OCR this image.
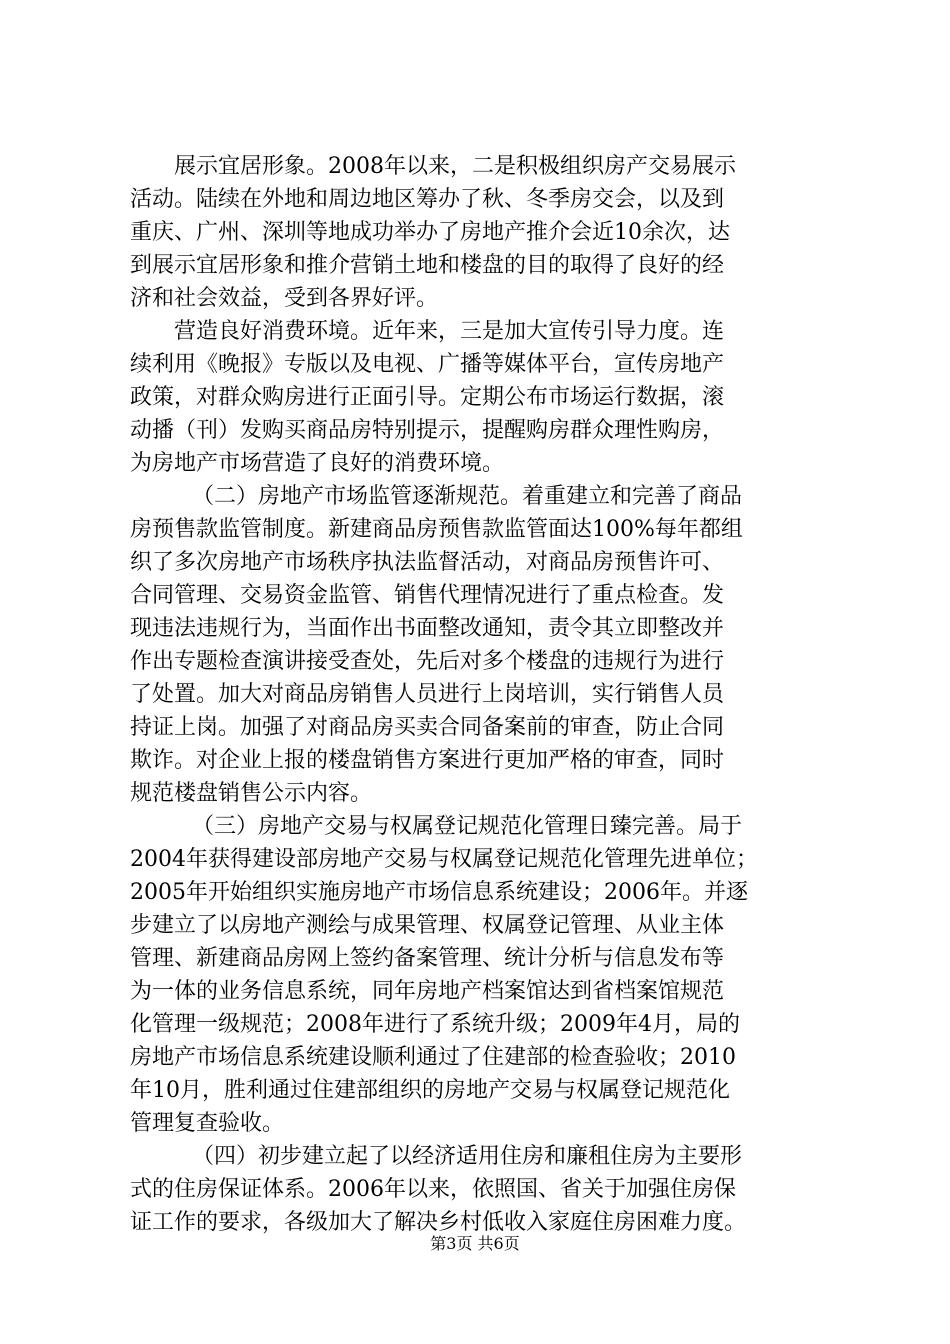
展示宜居形象。2008年以来，二是积极组织房产交易展示
活动。陆续在外地和周边地区筹办了秋、冬季房交会，以及到
重庆、广州、深圳等地成功举办了房地产推介会近10余次，达
到展示宜居形象和推介营销土地和楼盘的目的取得了良好的经
济和社会效益，受到各界好评。
营造良好消费环境。近年来，三是加大宣传引导力度。连
续利用《晚报》专版以及电视、广播等媒体平台，宣传房地产
政策，对群众购房进行正面引导。定期公布市场运行数据，滚
动播（刊）发购买商品房特别提示，提醒购房群众理性购房，
为房地产市场营造了良好的消费环境。
（二）房地产市场监管逐渐规范。着重建立和完善了商品
房预售款监管制度。新建商品房预售款监管面达100%每年都组
织了多次房地产市场秩序执法监督活动，对商品房预售许可、
合同管理、交易资金监管、销售代理情况进行了重点检查。发
现违法违规行为，当面作出书面整改通知，责令其立即整改并
作出专题检查演讲接受查处，先后对多个楼盘的违规行为进行
了处置。加大对商品房销售人员进行上岗培训，实行销售人员
持证上岗。加强了对商品房买卖合同备案前的审查，防止合同
欺诈。对企业上报的楼盘销售方案进行更加严格的审查，同时
规范楼盘销售公示内容。
（三）房地产交易与权属登记规范化管理日臻完善。局于
2004年获得建设部房地产交易与权属登记规范化管理先进单位；
2005年开始组织实施房地产市场信息系统建设；2006年。并逐
步建立了以房地产测绘与成果管理、权属登记管理、从业主体
管理、新建商品房网上签约备案管理、统计分析与信息发布等
为一体的业务信息系统，同年房地产档案馆达到省档案馆规范
化管理一级规范；2008年进行了系统升级；2009年4月，局的
房地产市场信息系统建设顺利通过了住建部的检查验收；2010
年10月，胜利通过住建部组织的房地产交易与权属登记规范化
管理复查验收。
（四）初步建立起了以经济适用住房和廉租住房为主要形
式的住房保证体系。2006年以来，依照国、省关于加强住房保
证工作的要求，各级加大了解决乡村低收入家庭住房困难力度。
第3页 共6页
